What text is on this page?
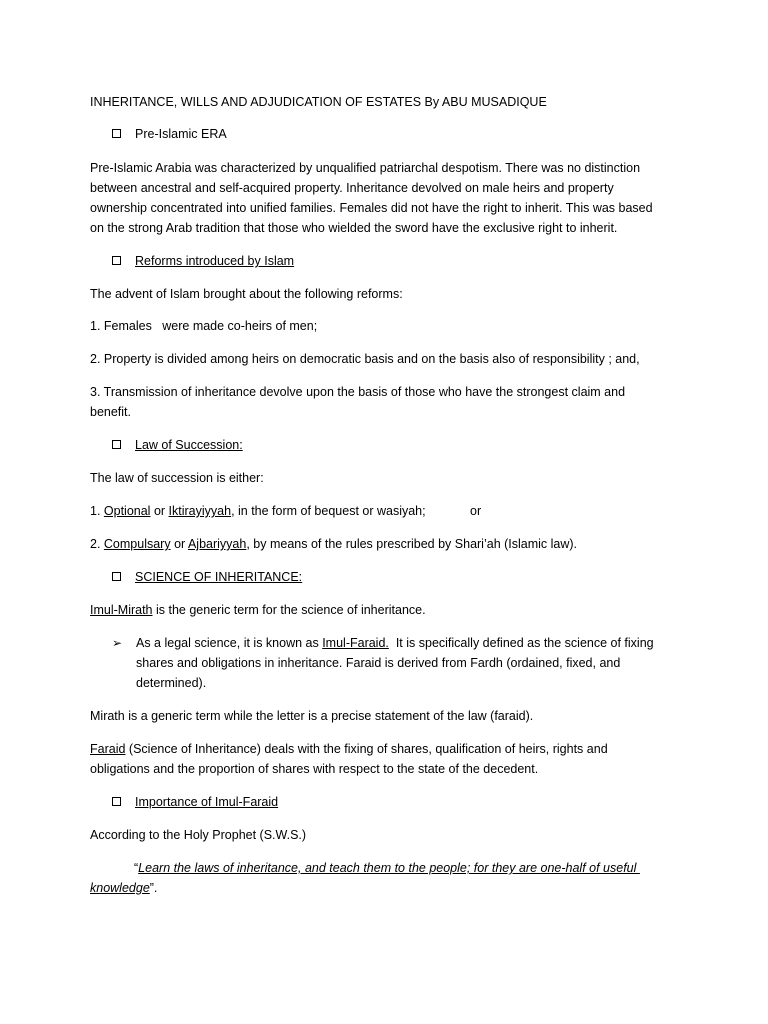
INHERITANCE, WILLS AND ADJUDICATION OF ESTATES By ABU MUSADIQUE
Pre-Islamic ERA
Pre-Islamic Arabia was characterized by unqualified patriarchal despotism. There was no distinction
between ancestral and self-acquired property. Inheritance devolved on male heirs and property
ownership concentrated into unified families. Females did not have the right to inherit. This was based
on the strong Arab tradition that those who wielded the sword have the exclusive right to inherit.
Reforms introduced by Islam
The advent of Islam brought about the following reforms:
1. Females   were made co-heirs of men;
2. Property is divided among heirs on democratic basis and on the basis also of responsibility ; and,
3. Transmission of inheritance devolve upon the basis of those who have the strongest claim and
benefit.
Law of Succession:
The law of succession is either:
1. Optional or Iktirayiyyah, in the form of bequest or wasiyah;	or
2. Compulsary or Ajbariyyah, by means of the rules prescribed by Shari’ah (Islamic law).
SCIENCE OF INHERITANCE:
Imul-Mirath is the generic term for the science of inheritance.
➢ As a legal science, it is known as Imul-Faraid.  It is specifically defined as the science of fixing
shares and obligations in inheritance. Faraid is derived from Fardh (ordained, fixed, and
determined).
Mirath is a generic term while the letter is a precise statement of the law (faraid).
Faraid (Science of Inheritance) deals with the fixing of shares, qualification of heirs, rights and
obligations and the proportion of shares with respect to the state of the decedent.
Importance of Imul-Faraid
According to the Holy Prophet (S.W.S.)
“Learn the laws of inheritance, and teach them to the people; for they are one-half of useful
knowledge”.
